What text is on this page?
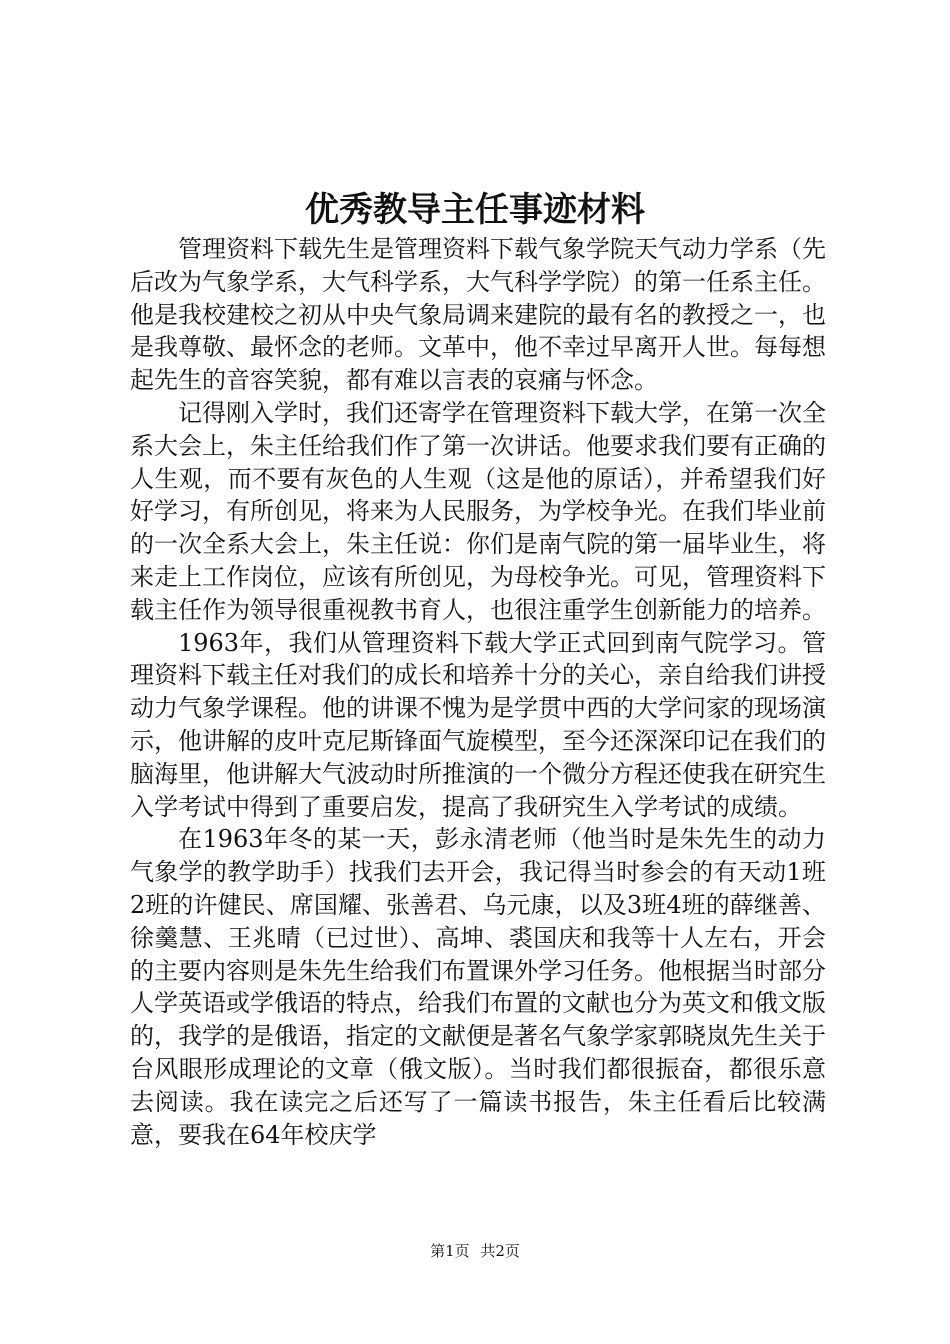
优秀教导主任事迹材料

管理资料下载先生是管理资料下载气象学院天气动力学系（先后改为气象学系，大气科学系，大气科学学院）的第一任系主任。他是我校建校之初从中央气象局调来建院的最有名的教授之一，也是我尊敬、最怀念的老师。文革中，他不幸过早离开人世。每每想起先生的音容笑貌，都有难以言表的哀痛与怀念。

记得刚入学时，我们还寄学在管理资料下载大学，在第一次全系大会上，朱主任给我们作了第一次讲话。他要求我们要有正确的人生观，而不要有灰色的人生观（这是他的原话），并希望我们好好学习，有所创见，将来为人民服务，为学校争光。在我们毕业前的一次全系大会上，朱主任说：你们是南气院的第一届毕业生，将来走上工作岗位，应该有所创见，为母校争光。可见，管理资料下载主任作为领导很重视教书育人，也很注重学生创新能力的培养。

1963年，我们从管理资料下载大学正式回到南气院学习。管理资料下载主任对我们的成长和培养十分的关心，亲自给我们讲授动力气象学课程。他的讲课不愧为是学贯中西的大学问家的现场演示，他讲解的皮叶克尼斯锋面气旋模型，至今还深深印记在我们的脑海里，他讲解大气波动时所推演的一个微分方程还使我在研究生入学考试中得到了重要启发，提高了我研究生入学考试的成绩。

在1963年冬的某一天，彭永清老师（他当时是朱先生的动力气象学的教学助手）找我们去开会，我记得当时参会的有天动1班2班的许健民、席国耀、张善君、乌元康，以及3班4班的薛继善、徐羹慧、王兆晴（已过世）、高坤、裘国庆和我等十人左右，开会的主要内容则是朱先生给我们布置课外学习任务。他根据当时部分人学英语或学俄语的特点，给我们布置的文献也分为英文和俄文版的，我学的是俄语，指定的文献便是著名气象学家郭晓岚先生关于台风眼形成理论的文章（俄文版）。当时我们都很振奋，都很乐意去阅读。我在读完之后还写了一篇读书报告，朱主任看后比较满意，要我在64年校庆学

第1页 共2页
